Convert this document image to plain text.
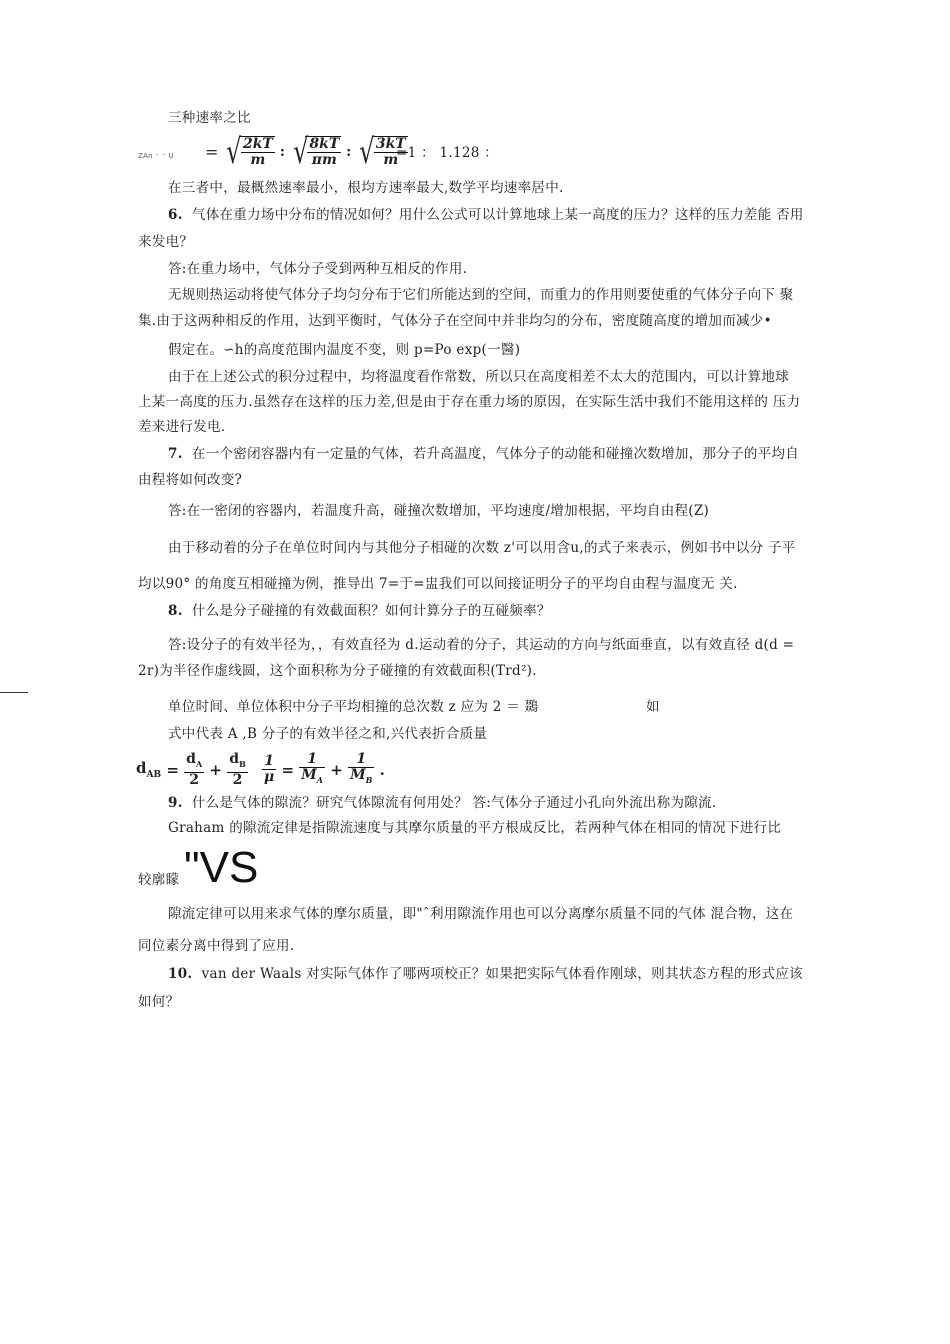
三种速率之比
ZAn ⁻ ⁻ U = √ $\frac{2kT}{m}$ : √ $\frac{8kT}{\pi m}$ : √ $\frac{3kT}{m}$
=1 ： 1.128 ：
在三者中，最概然速率最小，根均方速率最大,数学平均速率居中.
6. 气体在重力场中分布的情况如何？用什么公式可以计算地球上某一高度的压力？这样的压力差能 否用
来发电？
答:在重力场中，气体分子受到两种互相反的作用.
无规则热运动将使气体分子均匀分布于它们所能达到的空间，而重力的作用则要使重的气体分子向下 聚
集.由于这两种相反的作用，达到平衡时，气体分子在空间中并非均匀的分布，密度随高度的增加而减少•
假定在。∽h的高度范围内温度不变，则 p=Po exp(一醫)
由于在上述公式的积分过程中，均将温度看作常数，所以只在高度相差不太大的范围内，可以计算地球
上某一高度的压力.虽然存在这样的压力差,但是由于存在重力场的原因，在实际生活中我们不能用这样的 压力
差来进行发电.
7. 在一个密闭容器内有一定量的气体，若升高温度，气体分子的动能和碰撞次数增加，那分子的平均自
由程将如何改变?
答:在一密闭的容器内，若温度升高，碰撞次数增加，平均速度/增加根据，平均自由程(Z)
由于移动着的分子在单位时间内与其他分子相碰的次数 z'可以用含u,的式子来表示，例如书中以分 子平
均以90° 的角度互相碰撞为例，推导出 7=于=盅我们可以间接证明分子的平均自由程与温度无 关.
8. 什么是分子碰撞的有效截面积？如何计算分子的互碰频率？
答:设分子的有效半径为，，有效直径为 d.运动着的分子，其运动的方向与纸面垂直，以有效直径 d(d =
2r)为半径作虚线圆，这个面积称为分子碰撞的有效截面积(Trd²).
单位时间、单位体积中分子平均相撞的总次数 z 应为 2 ＝ 鵽	如
式中代表 A ,B 分子的有效半径之和,兴代表折合质量
$d_{AB} = \frac{d_A}{2} + \frac{d_B}{2} \frac{1}{\mu} = \frac{1}{M_A} + \frac{1}{M_B}$ .
9. 什么是气体的隙流？研究气体隙流有何用处？ 答:气体分子通过小孔向外流出称为隙流.
Graham 的隙流定律是指隙流速度与其摩尔质量的平方根成反比，若两种气体在相同的情况下进行比
较廓矇 "VS
隙流定律可以用来求气体的摩尔质量，即"ˆ利用隙流作用也可以分离摩尔质量不同的气体 混合物，这在
同位素分离中得到了应用.
10. van der Waals 对实际气体作了哪两项校正？如果把实际气体看作刚球，则其状态方程的形式应该
如何？
